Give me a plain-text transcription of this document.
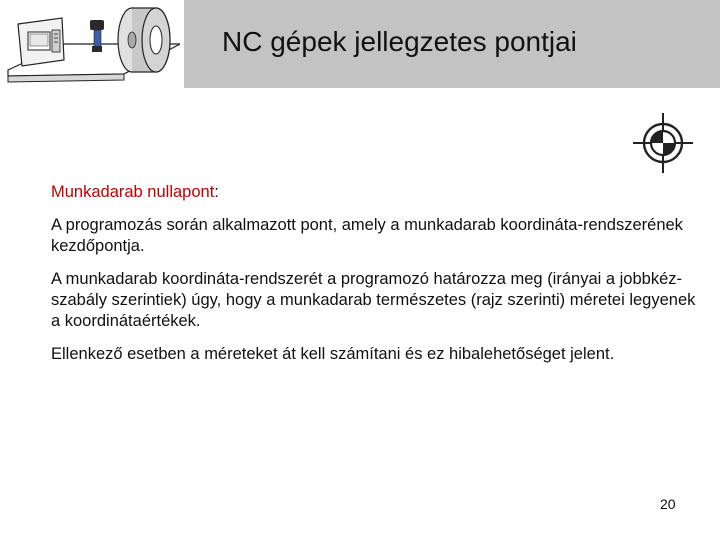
NC gépek jellegzetes pontjai

Munkadarab nullapont:

A programozás során alkalmazott pont, amely a munkadarab koordináta-rendszerének kezdőpontja.

A munkadarab koordináta-rendszerét a programozó határozza meg (irányai a jobbkéz-szabály szerintiek) úgy, hogy a munkadarab természetes (rajz szerinti) méretei legyenek a koordinátaértékek.

Ellenkező esetben a méreteket át kell számítani és ez hibalehetőséget jelent.

20
